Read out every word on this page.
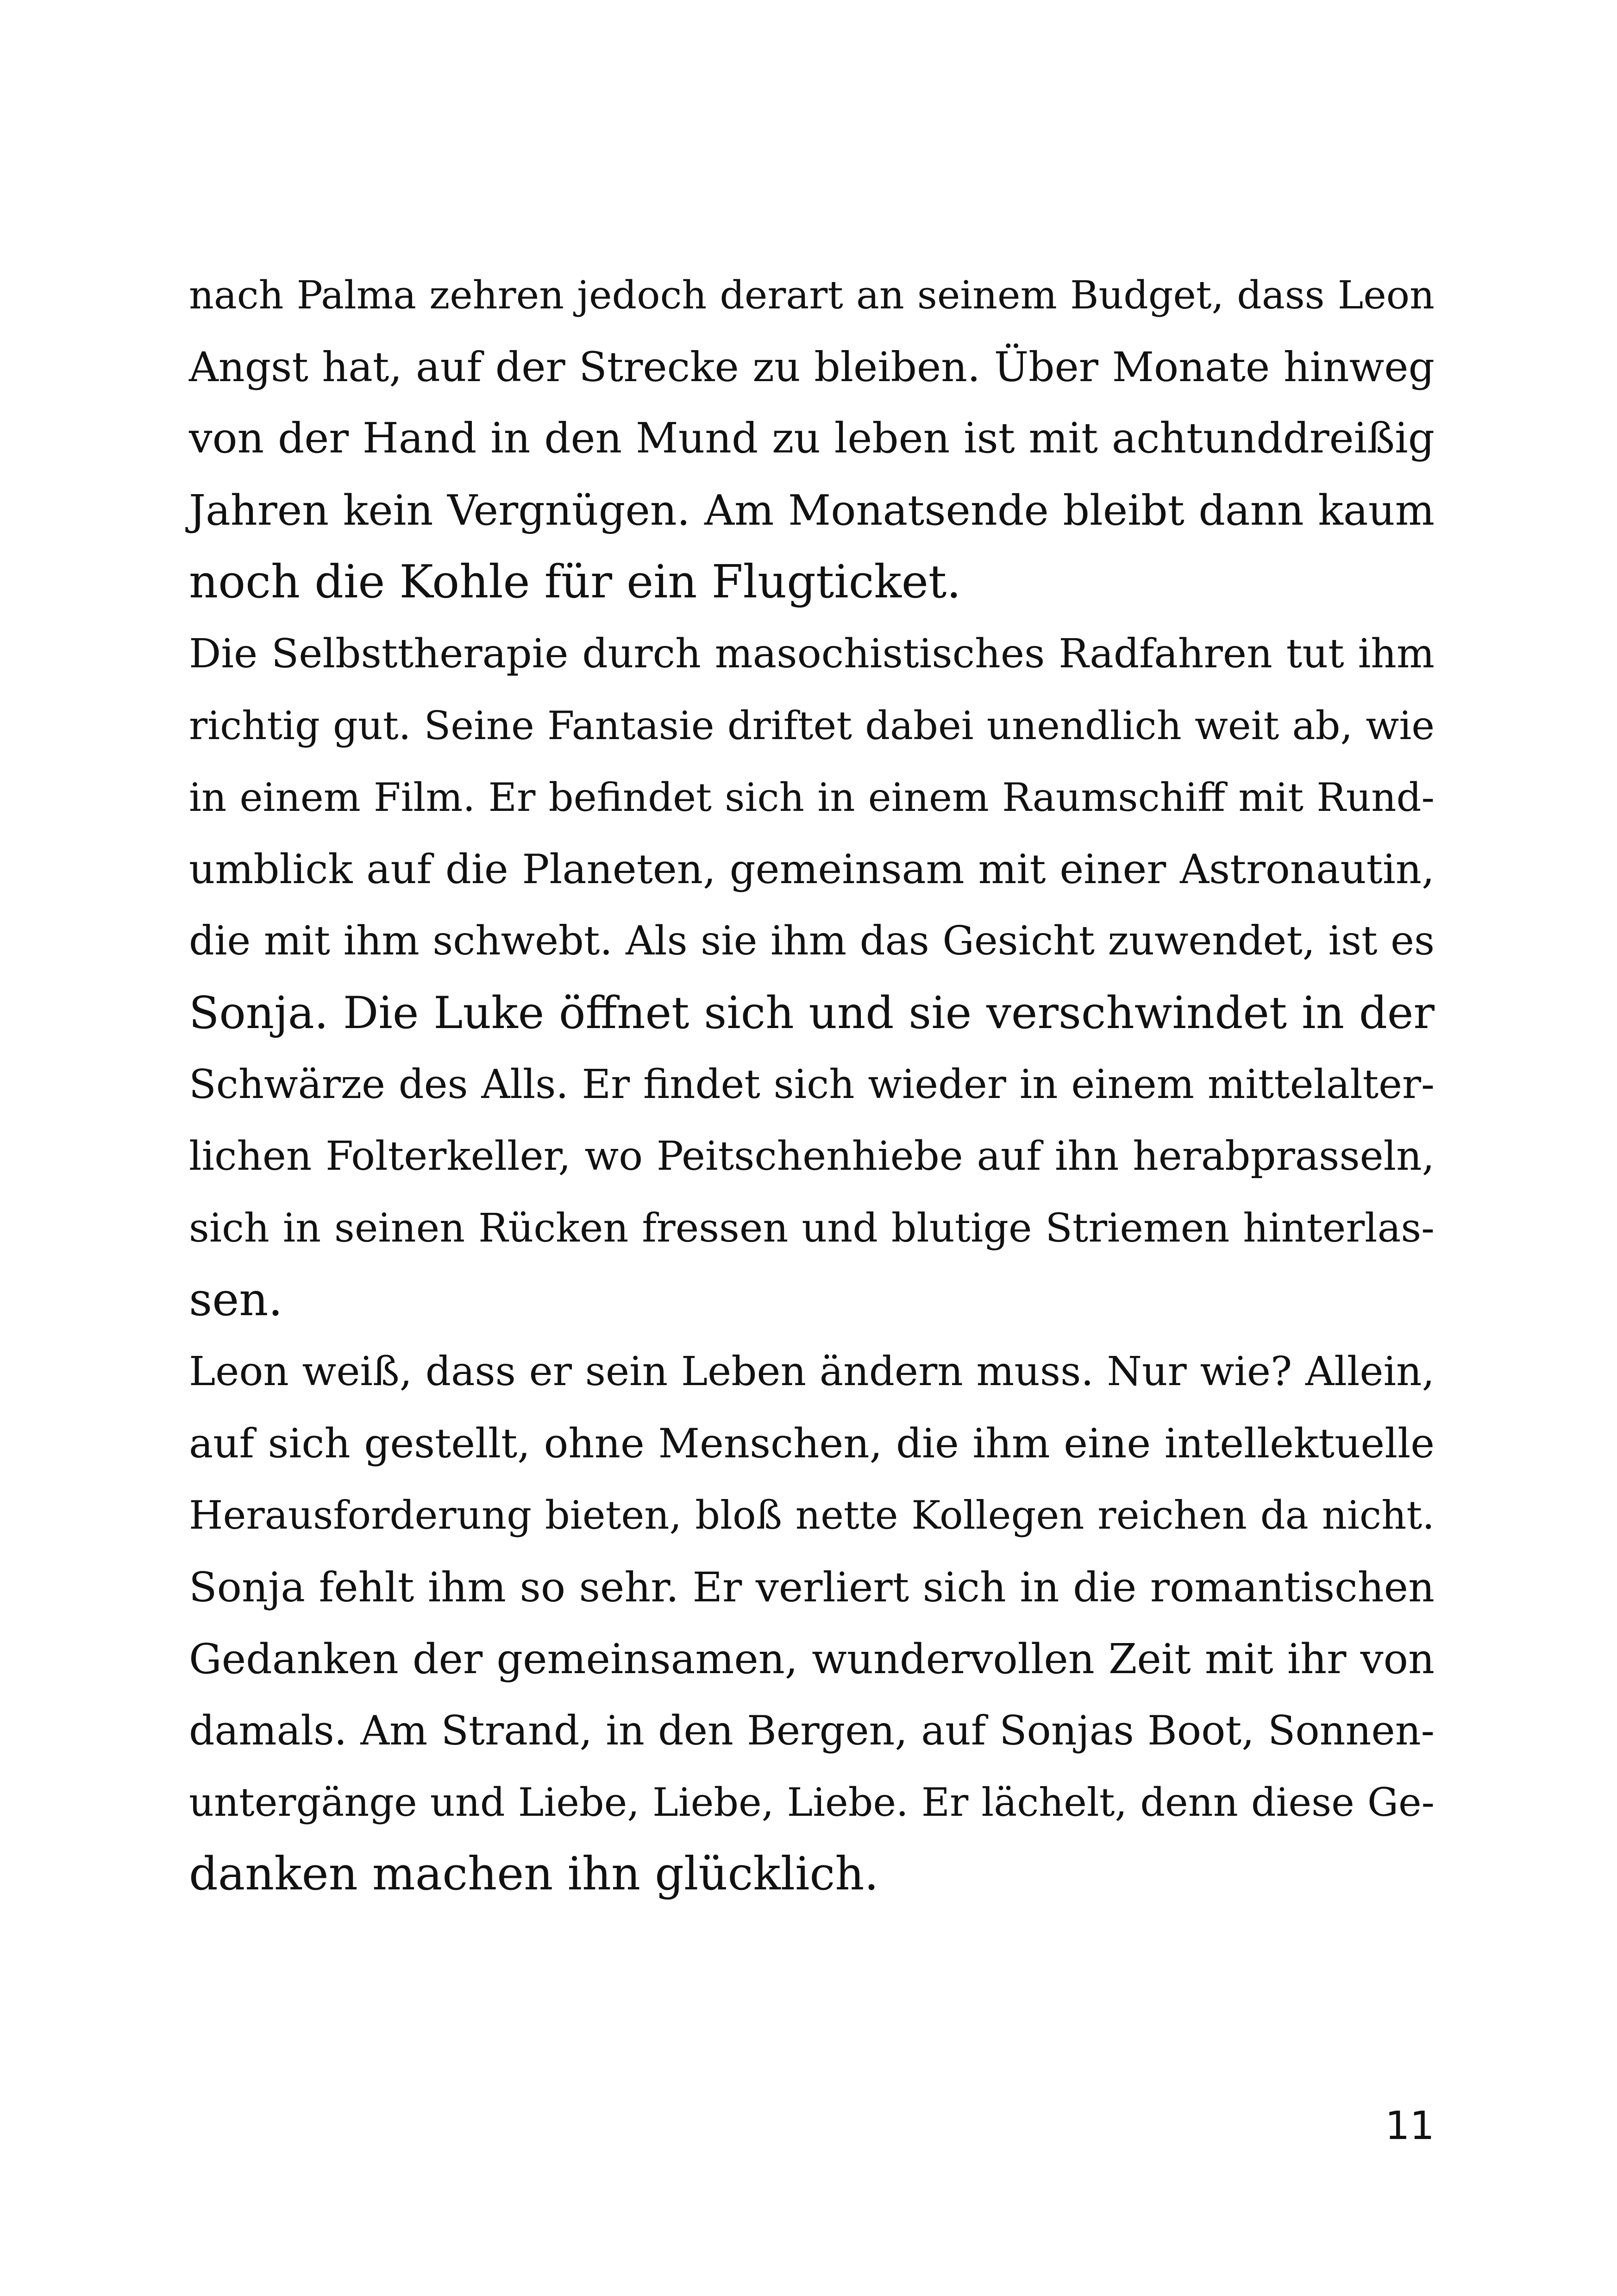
nach Palma zehren jedoch derart an seinem Budget, dass Leon
Angst hat, auf der Strecke zu bleiben. Über Monate hinweg
von der Hand in den Mund zu leben ist mit achtunddreißig
Jahren kein Vergnügen. Am Monatsende bleibt dann kaum
noch die Kohle für ein Flugticket.
Die Selbsttherapie durch masochistisches Radfahren tut ihm
richtig gut. Seine Fantasie driftet dabei unendlich weit ab, wie
in einem Film. Er befindet sich in einem Raumschiff mit Rund-
umblick auf die Planeten, gemeinsam mit einer Astronautin,
die mit ihm schwebt. Als sie ihm das Gesicht zuwendet, ist es
Sonja. Die Luke öffnet sich und sie verschwindet in der
Schwärze des Alls. Er findet sich wieder in einem mittelalter-
lichen Folterkeller, wo Peitschenhiebe auf ihn herabprasseln,
sich in seinen Rücken fressen und blutige Striemen hinterlas-
sen.
Leon weiß, dass er sein Leben ändern muss. Nur wie? Allein,
auf sich gestellt, ohne Menschen, die ihm eine intellektuelle
Herausforderung bieten, bloß nette Kollegen reichen da nicht.
Sonja fehlt ihm so sehr. Er verliert sich in die romantischen
Gedanken der gemeinsamen, wundervollen Zeit mit ihr von
damals. Am Strand, in den Bergen, auf Sonjas Boot, Sonnen-
untergänge und Liebe, Liebe, Liebe. Er lächelt, denn diese Ge-
danken machen ihn glücklich.
11
